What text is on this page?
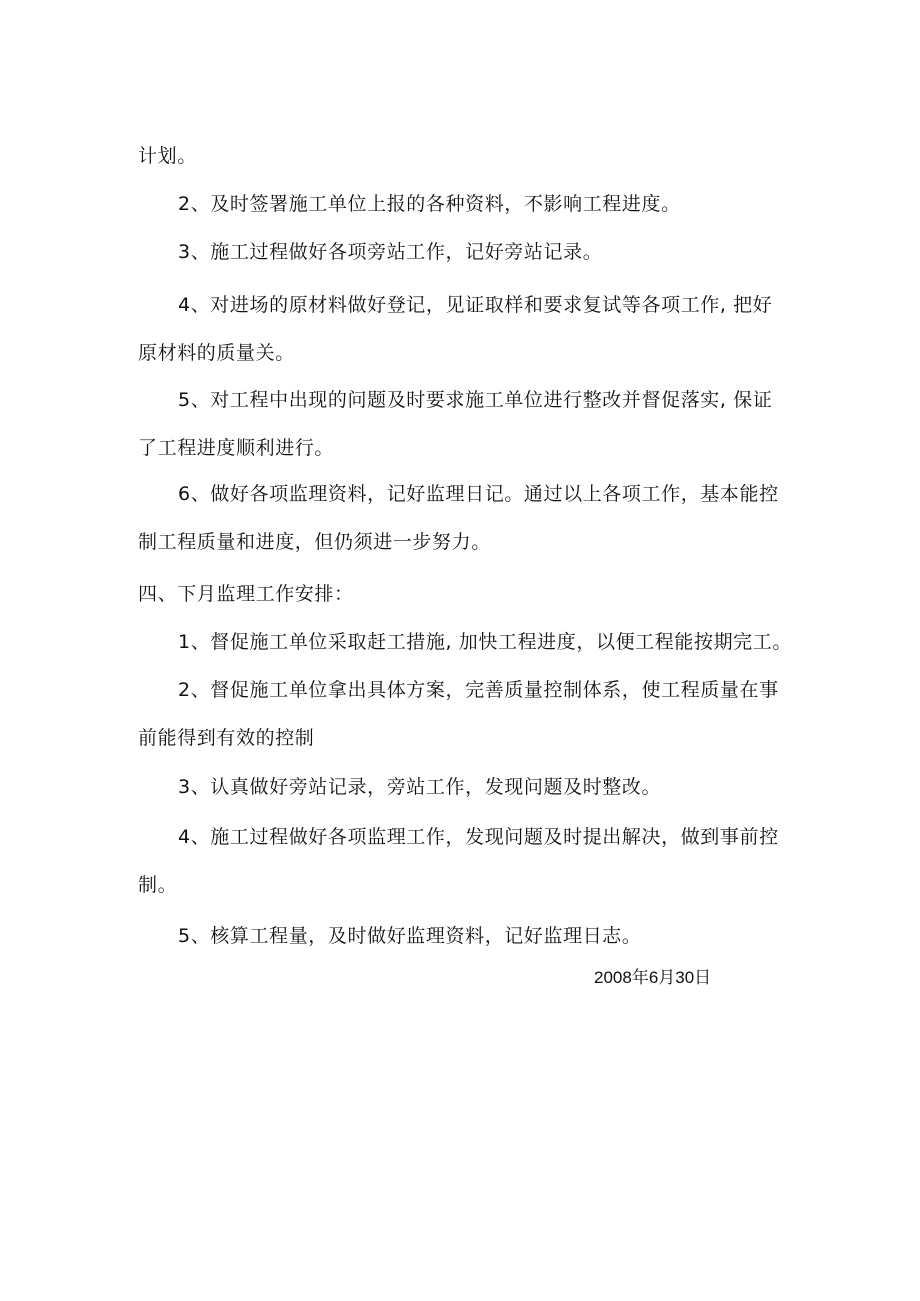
计划。

2、及时签署施工单位上报的各种资料，不影响工程进度。

3、施工过程做好各项旁站工作，记好旁站记录。

4、对进场的原材料做好登记，见证取样和要求复试等各项工作, 把好
原材料的质量关。

5、对工程中出现的问题及时要求施工单位进行整改并督促落实, 保证
了工程进度顺利进行。

6、做好各项监理资料，记好监理日记。通过以上各项工作，基本能控
制工程质量和进度，但仍须进一步努力。

四、下月监理工作安排：

1、督促施工单位采取赶工措施, 加快工程进度，以便工程能按期完工。

2、督促施工单位拿出具体方案，完善质量控制体系，使工程质量在事
前能得到有效的控制

3、认真做好旁站记录，旁站工作，发现问题及时整改。

4、施工过程做好各项监理工作，发现问题及时提出解决，做到事前控
制。

5、核算工程量，及时做好监理资料，记好监理日志。

2008年6月30日
